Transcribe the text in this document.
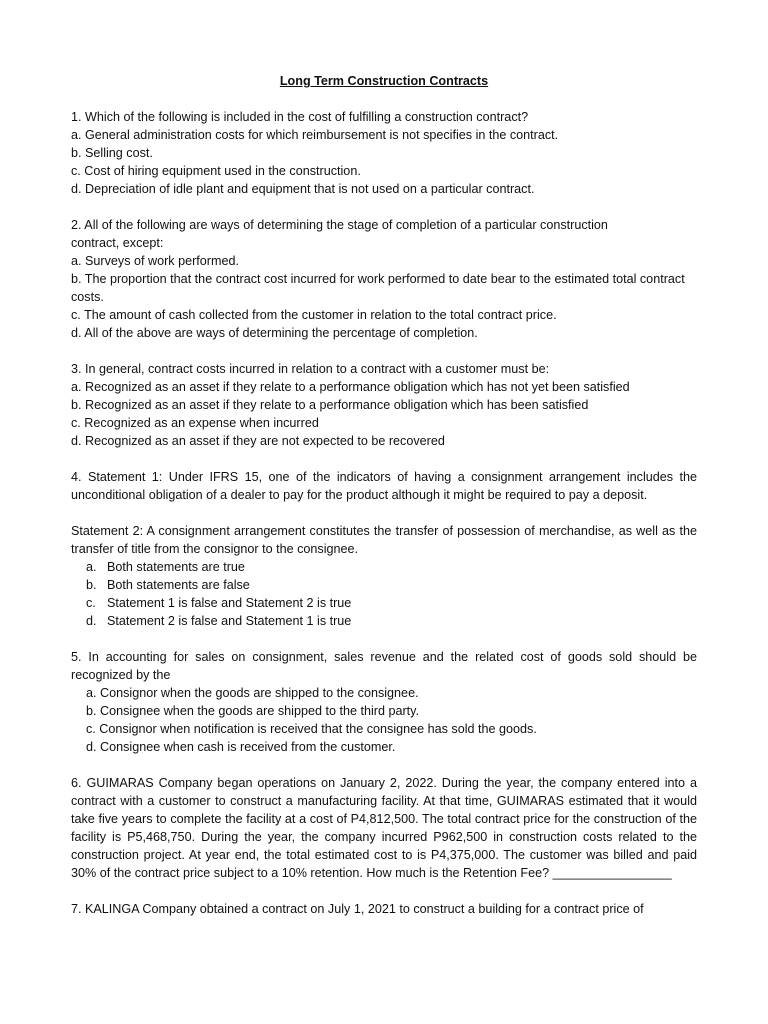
Long Term Construction Contracts
1. Which of the following is included in the cost of fulfilling a construction contract?
a. General administration costs for which reimbursement is not specifies in the contract.
b. Selling cost.
c. Cost of hiring equipment used in the construction.
d. Depreciation of idle plant and equipment that is not used on a particular contract.
2. All of the following are ways of determining the stage of completion of a particular construction contract, except:
a. Surveys of work performed.
b. The proportion that the contract cost incurred for work performed to date bear to the estimated total contract costs.
c. The amount of cash collected from the customer in relation to the total contract price.
d. All of the above are ways of determining the percentage of completion.
3. In general, contract costs incurred in relation to a contract with a customer must be:
a. Recognized as an asset if they relate to a performance obligation which has not yet been satisfied
b. Recognized as an asset if they relate to a performance obligation which has been satisfied
c. Recognized as an expense when incurred
d. Recognized as an asset if they are not expected to be recovered
4. Statement 1: Under IFRS 15, one of the indicators of having a consignment arrangement includes the unconditional obligation of a dealer to pay for the product although it might be required to pay a deposit.
Statement 2: A consignment arrangement constitutes the transfer of possession of merchandise, as well as the transfer of title from the consignor to the consignee.
a. Both statements are true
b. Both statements are false
c. Statement 1 is false and Statement 2 is true
d. Statement 2 is false and Statement 1 is true
5. In accounting for sales on consignment, sales revenue and the related cost of goods sold should be recognized by the
a. Consignor when the goods are shipped to the consignee.
b. Consignee when the goods are shipped to the third party.
c. Consignor when notification is received that the consignee has sold the goods.
d. Consignee when cash is received from the customer.
6. GUIMARAS Company began operations on January 2, 2022. During the year, the company entered into a contract with a customer to construct a manufacturing facility. At that time, GUIMARAS estimated that it would take five years to complete the facility at a cost of P4,812,500. The total contract price for the construction of the facility is P5,468,750. During the year, the company incurred P962,500 in construction costs related to the construction project. At year end, the total estimated cost to is P4,375,000. The customer was billed and paid 30% of the contract price subject to a 10% retention. How much is the Retention Fee? _________________
7. KALINGA Company obtained a contract on July 1, 2021 to construct a building for a contract price of
